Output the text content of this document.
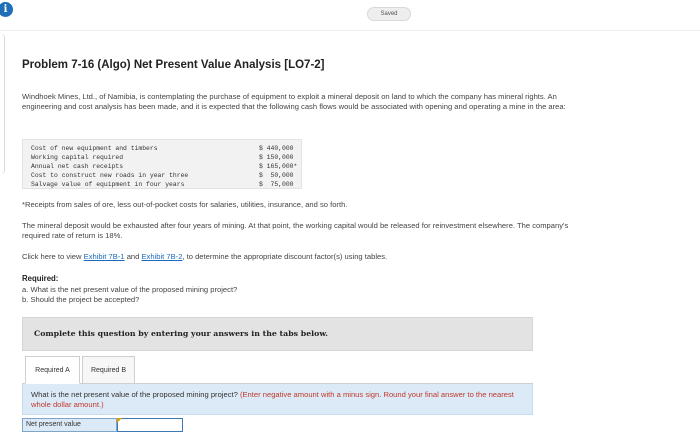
i	Saved
Problem 7-16 (Algo) Net Present Value Analysis [LO7-2]
Windhoek Mines, Ltd., of Namibia, is contemplating the purchase of equipment to exploit a mineral deposit on land to which the company has mineral rights. An engineering and cost analysis has been made, and it is expected that the following cash flows would be associated with opening and operating a mine in the area:
Cost of new equipment and timbers	$ 440,000
Working capital required	$ 150,000
Annual net cash receipts	$ 165,000*
Cost to construct new roads in year three	$  50,000
Salvage value of equipment in four years	$  75,000
*Receipts from sales of ore, less out-of-pocket costs for salaries, utilities, insurance, and so forth.
The mineral deposit would be exhausted after four years of mining. At that point, the working capital would be released for reinvestment elsewhere. The company's required rate of return is 18%.
Click here to view Exhibit 7B-1 and Exhibit 7B-2, to determine the appropriate discount factor(s) using tables.
Required:
a. What is the net present value of the proposed mining project?
b. Should the project be accepted?
Complete this question by entering your answers in the tabs below.
Required A	Required B
What is the net present value of the proposed mining project? (Enter negative amount with a minus sign. Round your final answer to the nearest whole dollar amount.)
Net present value
